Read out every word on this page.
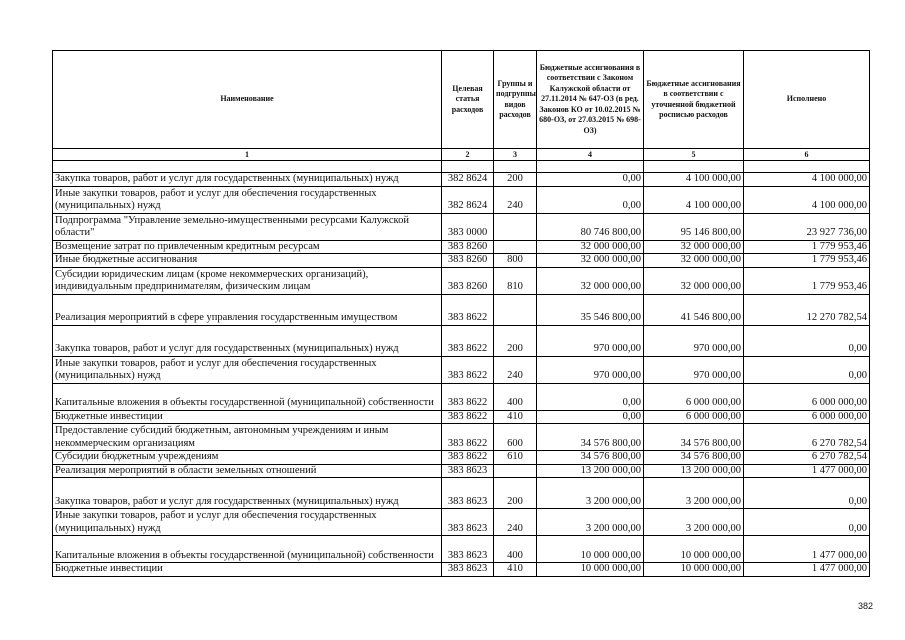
Наименование	Целевая статья расходов	Группы и подгруппы видов расходов	Бюджетные ассигнования в соответствии с Законом Калужской области от 27.11.2014 № 647-ОЗ (в ред. Законов КО от 10.02.2015 № 680-ОЗ, от 27.03.2015 № 698-ОЗ)	Бюджетные ассигнования в соответствии с уточненной бюджетной росписью расходов	Исполнено
1	2	3	4	5	6

Закупка товаров, работ и услуг для государственных (муниципальных) нужд	382 8624	200	0,00	4 100 000,00	4 100 000,00
Иные закупки товаров, работ и услуг для обеспечения государственных (муниципальных) нужд	382 8624	240	0,00	4 100 000,00	4 100 000,00
Подпрограмма "Управление земельно-имущественными ресурсами Калужской области"	383 0000		80 746 800,00	95 146 800,00	23 927 736,00
Возмещение затрат по привлеченным кредитным ресурсам	383 8260		32 000 000,00	32 000 000,00	1 779 953,46
Иные бюджетные ассигнования	383 8260	800	32 000 000,00	32 000 000,00	1 779 953,46
Субсидии юридическим лицам (кроме некоммерческих организаций), индивидуальным предпринимателям, физическим лицам	383 8260	810	32 000 000,00	32 000 000,00	1 779 953,46
Реализация мероприятий в сфере управления государственным имуществом	383 8622		35 546 800,00	41 546 800,00	12 270 782,54
Закупка товаров, работ и услуг для государственных (муниципальных) нужд	383 8622	200	970 000,00	970 000,00	0,00
Иные закупки товаров, работ и услуг для обеспечения государственных (муниципальных) нужд	383 8622	240	970 000,00	970 000,00	0,00
Капитальные вложения в объекты государственной (муниципальной) собственности	383 8622	400	0,00	6 000 000,00	6 000 000,00
Бюджетные инвестиции	383 8622	410	0,00	6 000 000,00	6 000 000,00
Предоставление субсидий бюджетным, автономным учреждениям и иным некоммерческим организациям	383 8622	600	34 576 800,00	34 576 800,00	6 270 782,54
Субсидии бюджетным учреждениям	383 8622	610	34 576 800,00	34 576 800,00	6 270 782,54
Реализация мероприятий в области земельных отношений	383 8623		13 200 000,00	13 200 000,00	1 477 000,00
Закупка товаров, работ и услуг для государственных (муниципальных) нужд	383 8623	200	3 200 000,00	3 200 000,00	0,00
Иные закупки товаров, работ и услуг для обеспечения государственных (муниципальных) нужд	383 8623	240	3 200 000,00	3 200 000,00	0,00
Капитальные вложения в объекты государственной (муниципальной) собственности	383 8623	400	10 000 000,00	10 000 000,00	1 477 000,00
Бюджетные инвестиции	383 8623	410	10 000 000,00	10 000 000,00	1 477 000,00
382
